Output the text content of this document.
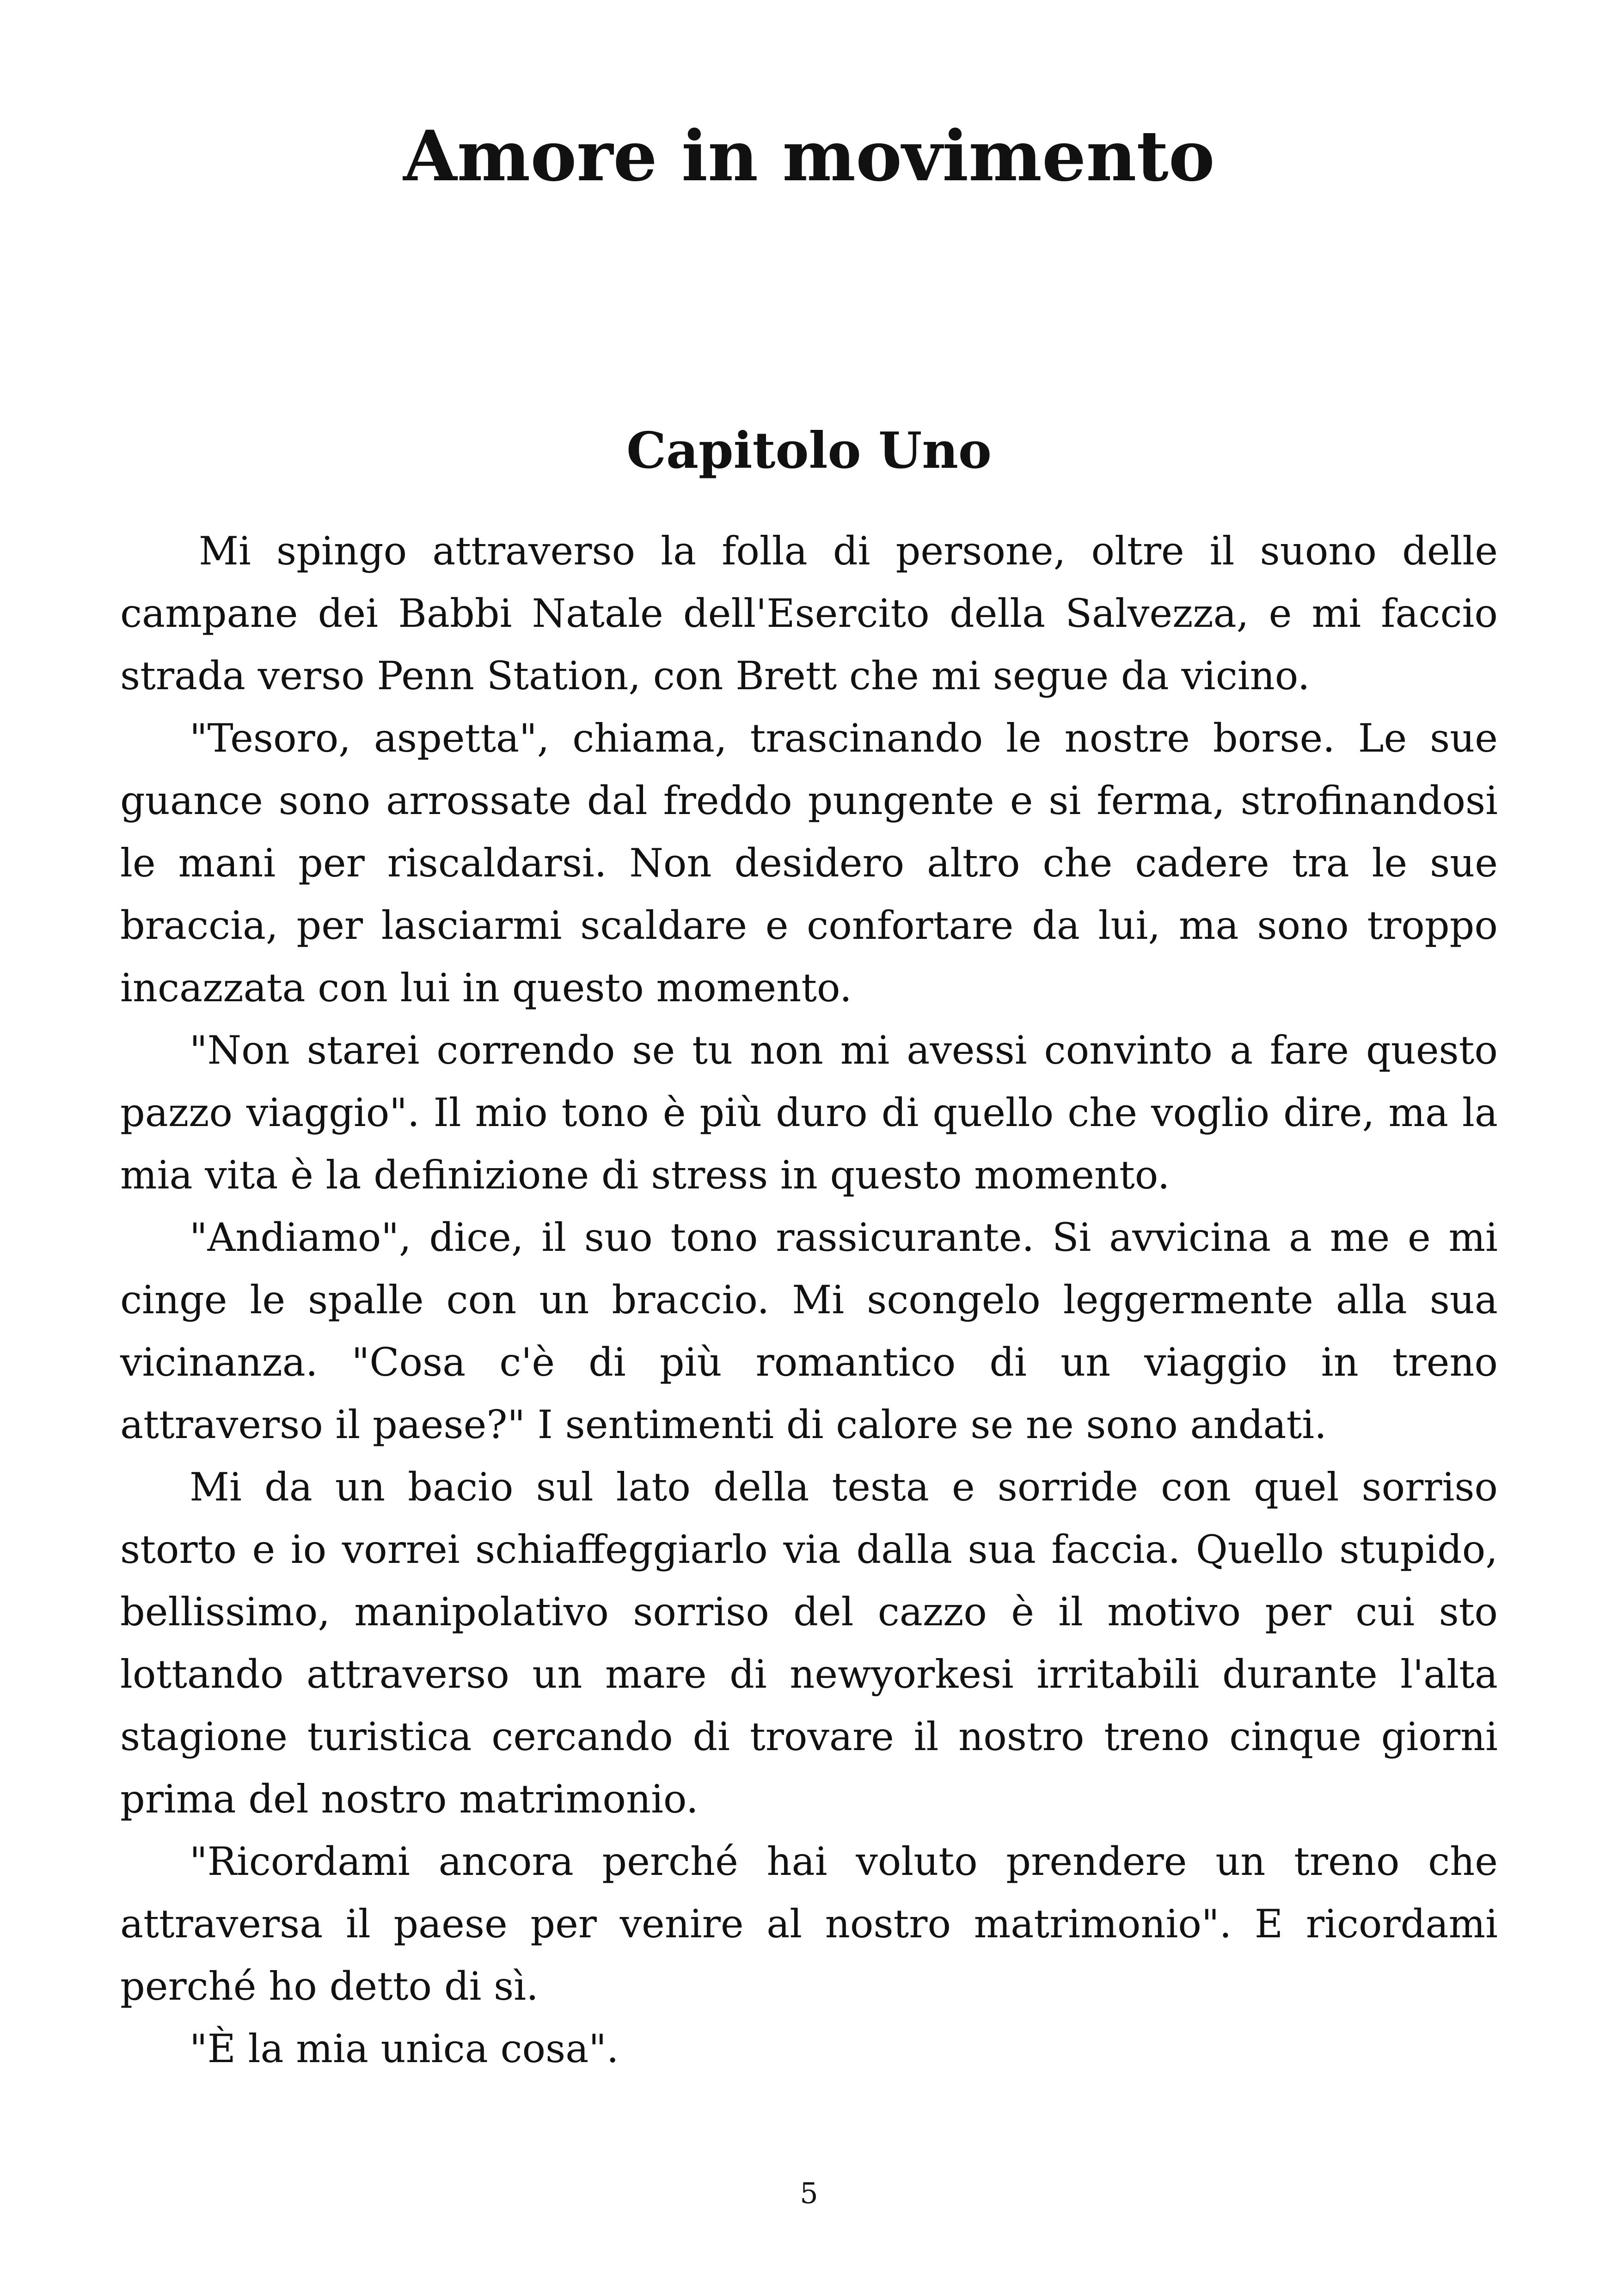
Amore in movimento
Capitolo Uno

Mi spingo attraverso la folla di persone, oltre il suono delle campane dei Babbi Natale dell'Esercito della Salvezza, e mi faccio strada verso Penn Station, con Brett che mi segue da vicino.

"Tesoro, aspetta", chiama, trascinando le nostre borse. Le sue guance sono arrossate dal freddo pungente e si ferma, strofinandosi le mani per riscaldarsi. Non desidero altro che cadere tra le sue braccia, per lasciarmi scaldare e confortare da lui, ma sono troppo incazzata con lui in questo momento.

"Non starei correndo se tu non mi avessi convinto a fare questo pazzo viaggio". Il mio tono è più duro di quello che voglio dire, ma la mia vita è la definizione di stress in questo momento.

"Andiamo", dice, il suo tono rassicurante. Si avvicina a me e mi cinge le spalle con un braccio. Mi scongelo leggermente alla sua vicinanza. "Cosa c'è di più romantico di un viaggio in treno attraverso il paese?" I sentimenti di calore se ne sono andati.

Mi da un bacio sul lato della testa e sorride con quel sorriso storto e io vorrei schiaffeggiarlo via dalla sua faccia. Quello stupido, bellissimo, manipolativo sorriso del cazzo è il motivo per cui sto lottando attraverso un mare di newyorkesi irritabili durante l'alta stagione turistica cercando di trovare il nostro treno cinque giorni prima del nostro matrimonio.

"Ricordami ancora perché hai voluto prendere un treno che attraversa il paese per venire al nostro matrimonio". E ricordami perché ho detto di sì.

"È la mia unica cosa".

5
